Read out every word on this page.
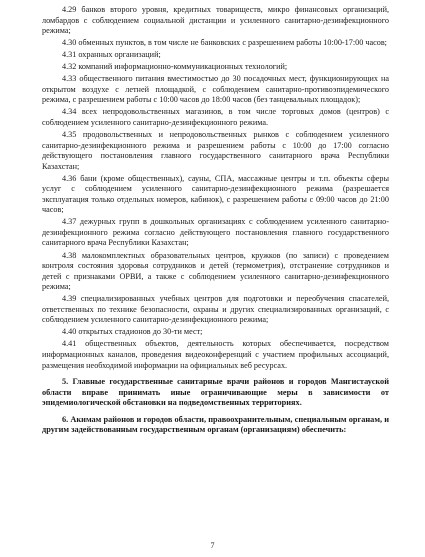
4.29 банков второго уровня, кредитных товариществ, микро финансовых организаций, ломбардов с соблюдением социальной дистанции и усиленного санитарно-дезинфекционного режима;

4.30 обменных пунктов, в том числе не банковских с разрешением работы 10:00-17:00 часов;

4.31 охранных организаций;

4.32 компаний информационно-коммуникационных технологий;

4.33 общественного питания вместимостью до 30 посадочных мест, функционирующих на открытом воздухе с летней площадкой, с соблюдением санитарно-противоэпидемического режима, с разрешением работы с 10:00 часов до 18:00 часов (без танцевальных площадок);

4.34 всех непродовольственных магазинов, в том числе торговых домов (центров) с соблюдением усиленного санитарно-дезинфекционного режима.

4.35 продовольственных и непродовольственных рынков с соблюдением усиленного санитарно-дезинфекционного режима и разрешением работы с 10:00 до 17:00 согласно действующего постановления главного государственного санитарного врача Республики Казахстан;

4.36 бани (кроме общественных), сауны, СПА, массажные центры и т.п. объекты сферы услуг с соблюдением усиленного санитарно-дезинфекционного режима (разрешается эксплуатация только отдельных номеров, кабинок), с разрешением работы с 09:00 часов до 21:00 часов;

4.37 дежурных групп в дошкольных организациях с соблюдением усиленного санитарно-дезинфекционного режима согласно действующего постановления главного государственного санитарного врача Республики Казахстан;

4.38 малокомплектных образовательных центров, кружков (по записи) с проведением контроля состояния здоровья сотрудников и детей (термометрия), отстранение сотрудников и детей с признаками ОРВИ, а также с соблюдением усиленного санитарно-дезинфекционного режима;

4.39 специализированных учебных центров для подготовки и переобучения спасателей, ответственных по технике безопасности, охраны и других специализированных организаций, с соблюдением усиленного санитарно-дезинфекционного режима;

4.40 открытых стадионов до 30-ти мест;

4.41 общественных объектов, деятельность которых обеспечивается, посредством информационных каналов, проведения видеоконференций с участием профильных ассоциаций, размещения необходимой информации на официальных веб ресурсах.

5. Главные государственные санитарные врачи районов и городов Мангистауской области вправе принимать иные ограничивающие меры в зависимости от эпидемиологической обстановки на подведомственных территориях.

6. Акимам районов и городов области, правоохранительным, специальным органам, и другим задействованным государственным органам (организациям) обеспечить:

7
